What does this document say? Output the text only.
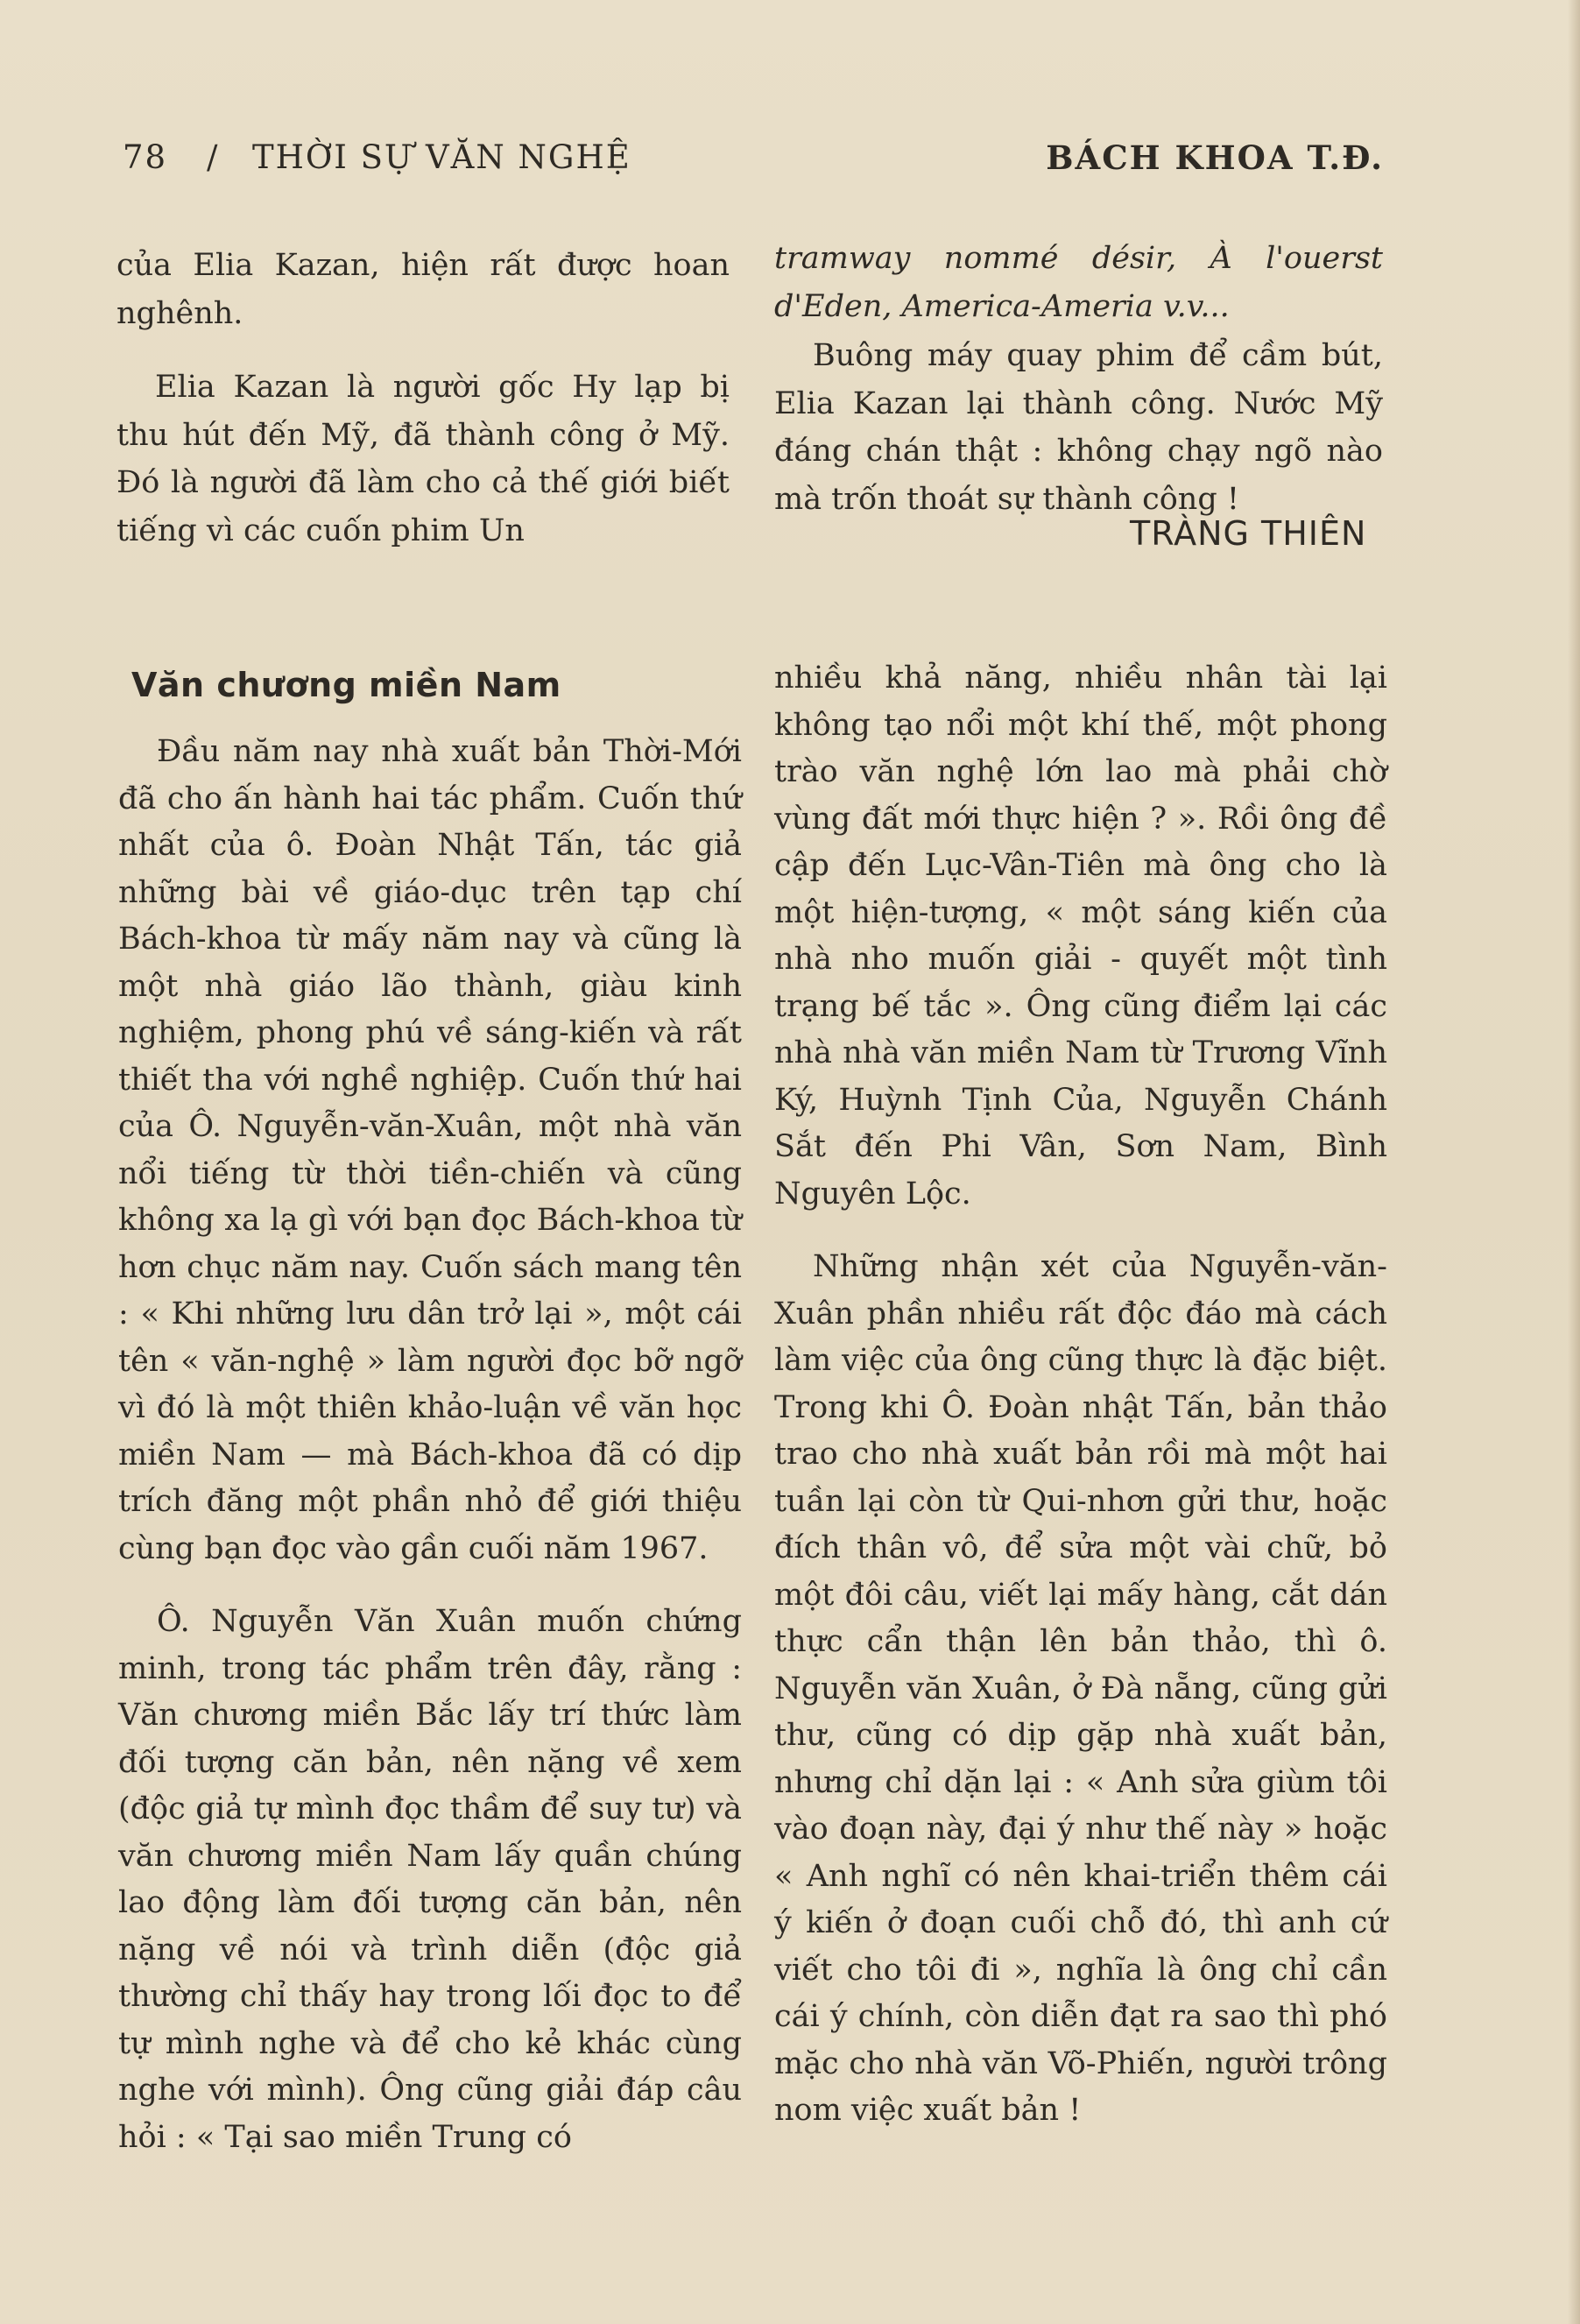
78 / THỜI SỰ VĂN NGHỆ	BÁCH KHOA T.Đ.

của Elia Kazan, hiện rất được hoan nghênh.

Elia Kazan là người gốc Hy lạp bị thu hút đến Mỹ, đã thành công ở Mỹ. Đó là người đã làm cho cả thế giới biết tiếng vì các cuốn phim Un

tramway nommé désir, À l'ouerst d'Eden, America-Ameria v.v...

Buông máy quay phim để cầm bút, Elia Kazan lại thành công. Nước Mỹ đáng chán thật : không chạy ngõ nào mà trốn thoát sự thành công !

TRÀNG THIÊN
Văn chương miền Nam

Đầu năm nay nhà xuất bản Thời-Mới đã cho ấn hành hai tác phẩm. Cuốn thứ nhất của ô. Đoàn Nhật Tấn, tác giả những bài về giáo-dục trên tạp chí Bách-khoa từ mấy năm nay và cũng là một nhà giáo lão thành, giàu kinh nghiệm, phong phú về sáng-kiến và rất thiết tha với nghề nghiệp. Cuốn thứ hai của Ô. Nguyễn-văn-Xuân, một nhà văn nổi tiếng từ thời tiền-chiến và cũng không xa lạ gì với bạn đọc Bách-khoa từ hơn chục năm nay. Cuốn sách mang tên : « Khi những lưu dân trở lại », một cái tên « văn-nghệ » làm người đọc bỡ ngỡ vì đó là một thiên khảo-luận về văn học miền Nam — mà Bách-khoa đã có dịp trích đăng một phần nhỏ để giới thiệu cùng bạn đọc vào gần cuối năm 1967.

Ô. Nguyễn Văn Xuân muốn chứng minh, trong tác phẩm trên đây, rằng : Văn chương miền Bắc lấy trí thức làm đối tượng căn bản, nên nặng về xem (độc giả tự mình đọc thầm để suy tư) và văn chương miền Nam lấy quần chúng lao động làm đối tượng căn bản, nên nặng về nói và trình diễn (độc giả thường chỉ thấy hay trong lối đọc to để tự mình nghe và để cho kẻ khác cùng nghe với mình). Ông cũng giải đáp câu hỏi : « Tại sao miền Trung có

nhiều khả năng, nhiều nhân tài lại không tạo nổi một khí thế, một phong trào văn nghệ lớn lao mà phải chờ vùng đất mới thực hiện ? ». Rồi ông đề cập đến Lục-Vân-Tiên mà ông cho là một hiện-tượng, « một sáng kiến của nhà nho muốn giải - quyết một tình trạng bế tắc ». Ông cũng điểm lại các nhà nhà văn miền Nam từ Trương Vĩnh Ký, Huỳnh Tịnh Của, Nguyễn Chánh Sắt đến Phi Vân, Sơn Nam, Bình Nguyên Lộc.

Những nhận xét của Nguyễn-văn-Xuân phần nhiều rất độc đáo mà cách làm việc của ông cũng thực là đặc biệt. Trong khi Ô. Đoàn nhật Tấn, bản thảo trao cho nhà xuất bản rồi mà một hai tuần lại còn từ Qui-nhơn gửi thư, hoặc đích thân vô, để sửa một vài chữ, bỏ một đôi câu, viết lại mấy hàng, cắt dán thực cẩn thận lên bản thảo, thì ô. Nguyễn văn Xuân, ở Đà nẵng, cũng gửi thư, cũng có dịp gặp nhà xuất bản, nhưng chỉ dặn lại : « Anh sửa giùm tôi vào đoạn này, đại ý như thế này » hoặc « Anh nghĩ có nên khai-triển thêm cái ý kiến ở đoạn cuối chỗ đó, thì anh cứ viết cho tôi đi », nghĩa là ông chỉ cần cái ý chính, còn diễn đạt ra sao thì phó mặc cho nhà văn Võ-Phiến, người trông nom việc xuất bản !
